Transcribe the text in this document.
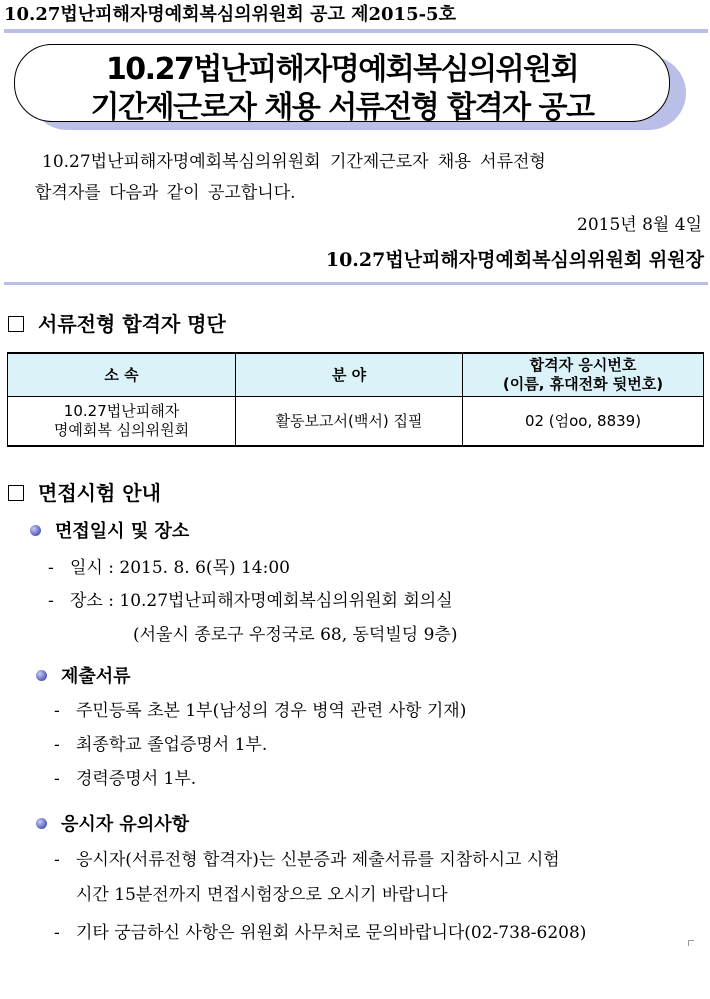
10.27법난피해자명예회복심의위원회 공고 제2015-5호
10.27법난피해자명예회복심의위원회
기간제근로자 채용 서류전형 합격자 공고
10.27법난피해자명예회복심의위원회 기간제근로자 채용 서류전형
합격자를 다음과 같이 공고합니다.
2015년 8월 4일
10.27법난피해자명예회복심의위원회 위원장
서류전형 합격자 명단
소 속	분 야	합격자 응시번호
(이름, 휴대전화 뒷번호)

10.27법난피해자
명예회복 심의위원회	활동보고서(백서) 집필	02 (엄oo, 8839)
면접시험 안내
면접일시 및 장소
- 일시 : 2015. 8. 6(목) 14:00
- 장소 : 10.27법난피해자명예회복심의위원회 회의실
(서울시 종로구 우정국로 68, 동덕빌딩 9층)
제출서류
- 주민등록 초본 1부(남성의 경우 병역 관련 사항 기재)
- 최종학교 졸업증명서 1부.
- 경력증명서 1부.
응시자 유의사항
- 응시자(서류전형 합격자)는 신분증과 제출서류를 지참하시고 시험
시간 15분전까지 면접시험장으로 오시기 바랍니다
- 기타 궁금하신 사항은 위원회 사무처로 문의바랍니다(02-738-6208)
